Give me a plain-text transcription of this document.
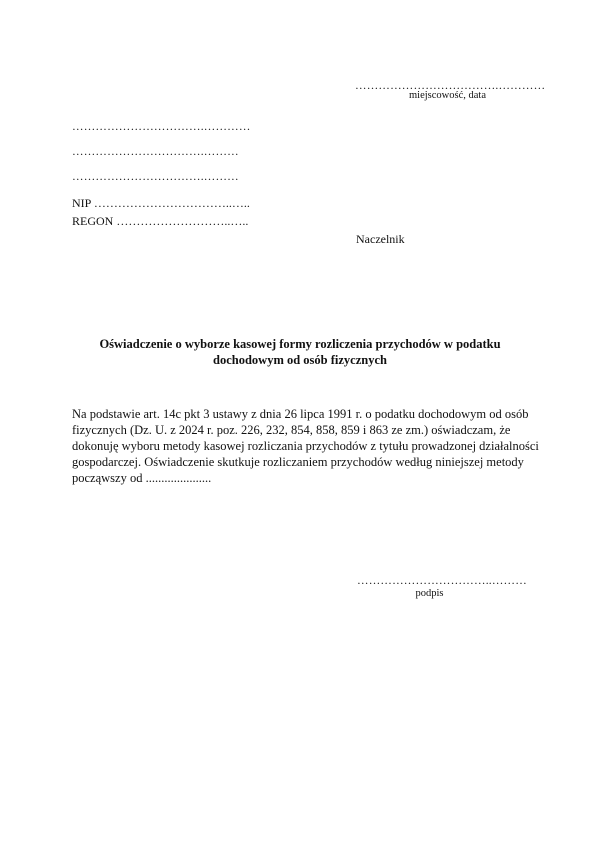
……………………………….…………
miejscowość, data
…………………………….…………
…………………………….………
…………………………….………
NIP ……………………………..…..
REGON ………………………..…..
Naczelnik
Oświadczenie o wyborze kasowej formy rozliczenia przychodów w podatku
dochodowym od osób fizycznych
Na podstawie art. 14c pkt 3 ustawy z dnia 26 lipca 1991 r. o podatku dochodowym od osób
fizycznych (Dz. U. z 2024 r. poz. 226, 232, 854, 858, 859 i 863 ze zm.) oświadczam, że
dokonuję wyboru metody kasowej rozliczania przychodów z tytułu prowadzonej działalności
gospodarczej. Oświadczenie skutkuje rozliczaniem przychodów według niniejszej metody
począwszy od .....................
……………………………..………
podpis
